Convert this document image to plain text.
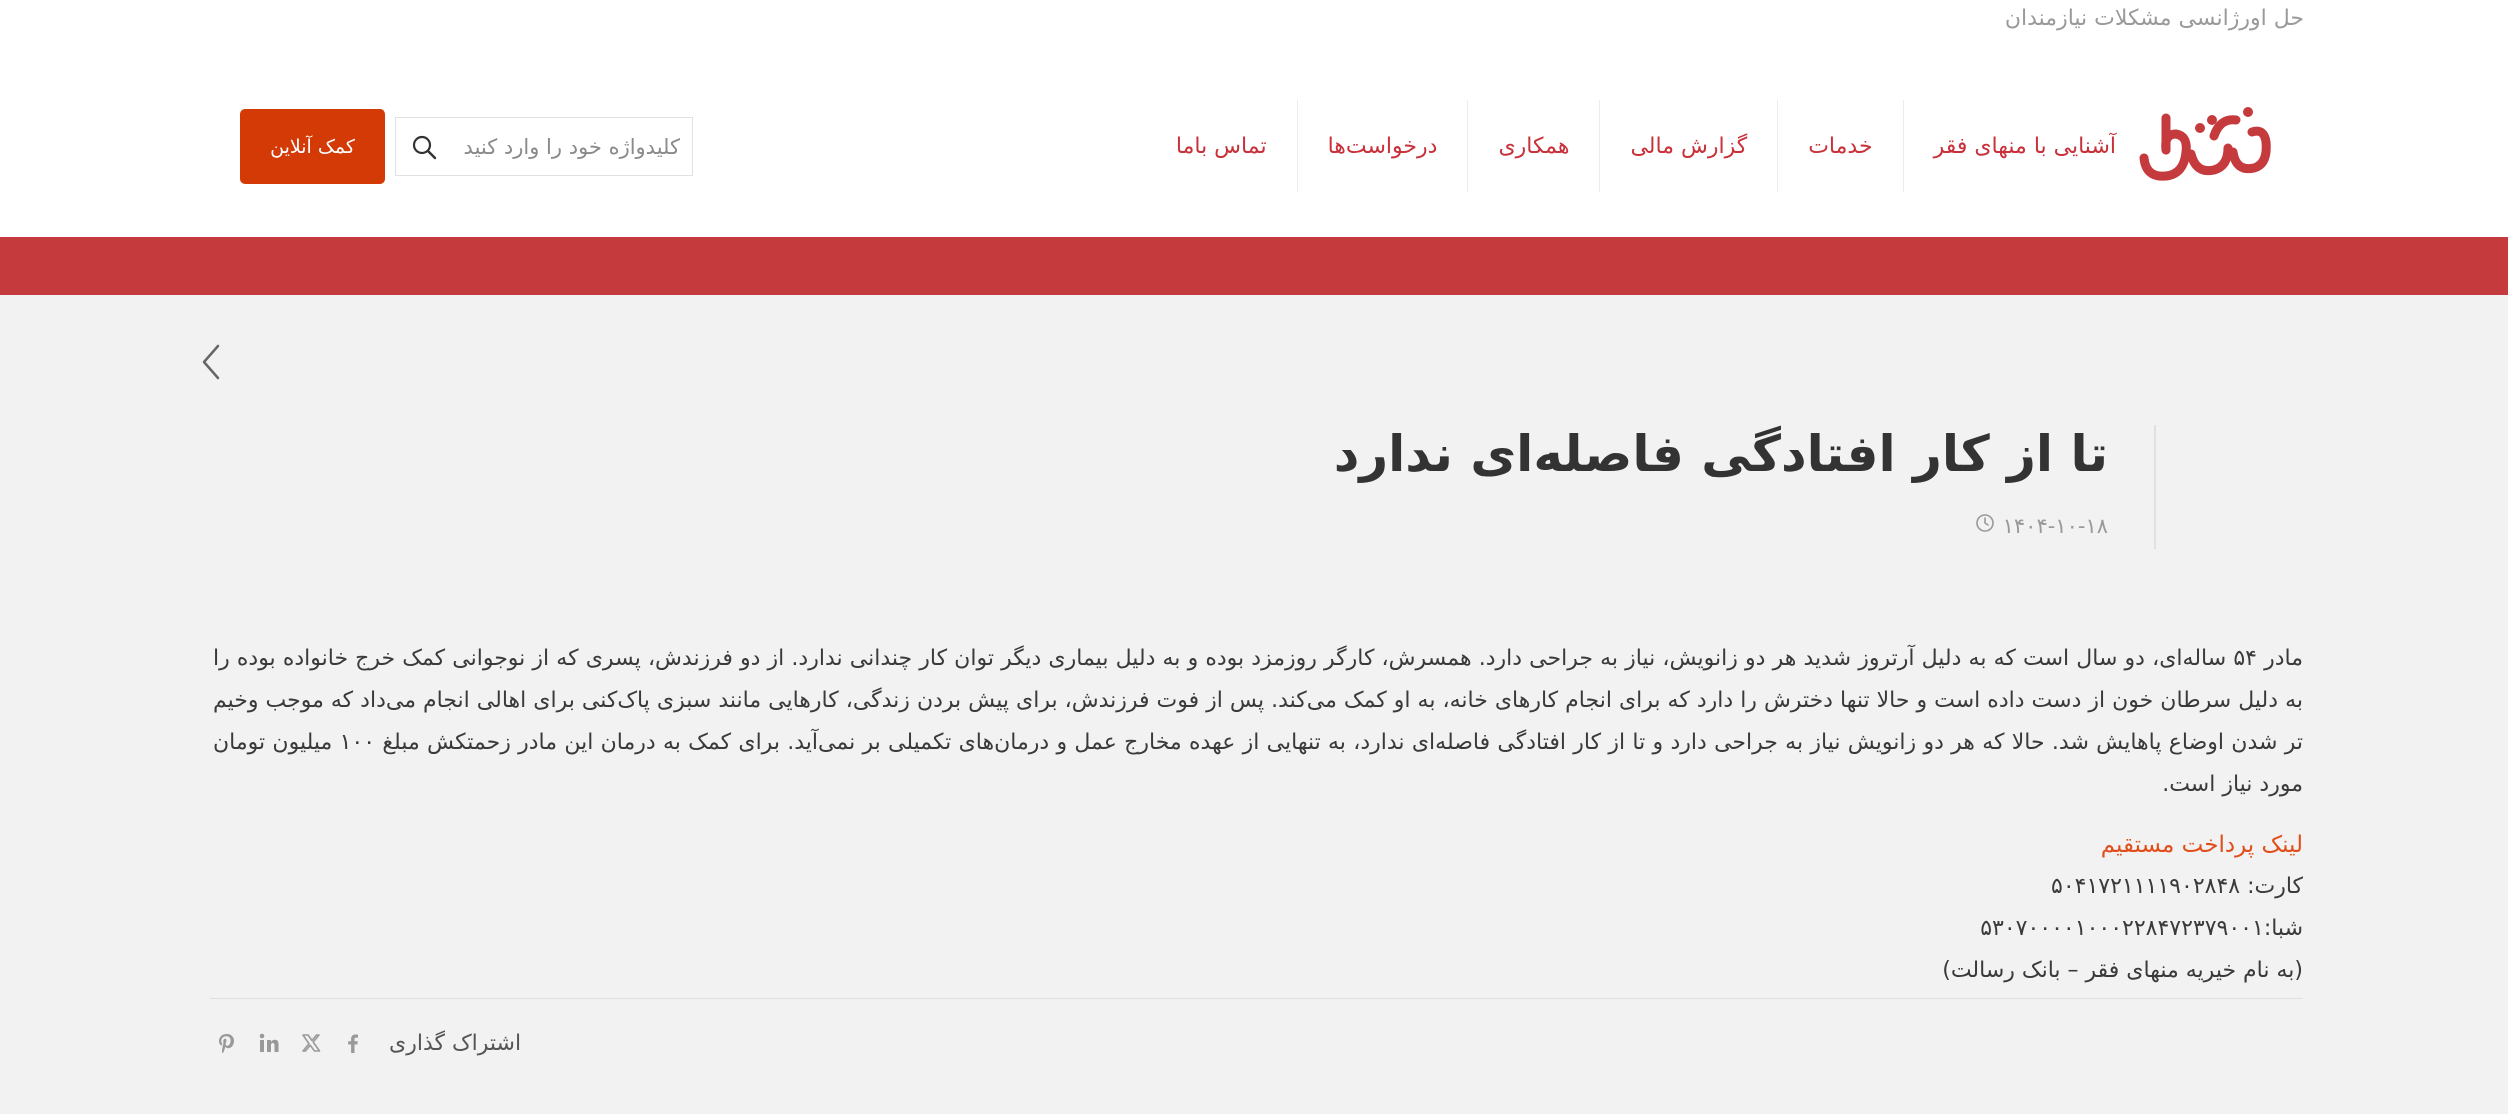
حل اورژانسی مشکلات نیازمندان
آشنایی با منهای فقر
خدمات
گزارش مالی
همکاری
درخواست‌ها
تماس باما
کلیدواژه خود را وارد کنید
کمک آنلاین
تا از کار افتادگی فاصله‌ای ندارد
۱۴۰۴-۱۰-۱۸

مادر ۵۴ ساله‌ای، دو سال است که به دلیل آرتروز شدید هر دو زانویش، نیاز به جراحی دارد. همسرش، کارگر روزمزد بوده و به دلیل بیماری دیگر توان کار چندانی ندارد. از دو فرزندش، پسری که از نوجوانی کمک خرج خانواده بوده را به دلیل سرطان خون از دست داده است و حالا تنها دخترش را دارد که برای انجام کارهای خانه، به او کمک می‌کند. پس از فوت فرزندش، برای پیش بردن زندگی، کارهایی مانند سبزی پاک‌کنی برای اهالی انجام می‌داد که موجب وخیم تر شدن اوضاع پاهایش شد. حالا که هر دو زانویش نیاز به جراحی دارد و تا از کار افتادگی فاصله‌ای ندارد، به تنهایی از عهده مخارج عمل و درمان‌های تکمیلی بر نمی‌آید. برای کمک به درمان این مادر زحمتکش مبلغ ۱۰۰ میلیون تومان مورد نیاز است.

لینک پرداخت مستقیم
کارت: ۵۰۴۱۷۲۱۱۱۱۹۰۲۸۴۸
شبا:۵۳۰۷۰۰۰۰۱۰۰۰۲۲۸۴۷۲۳۷۹۰۰۱
(به نام خیریه منهای فقر – بانک رسالت)
اشتراک گذاری
